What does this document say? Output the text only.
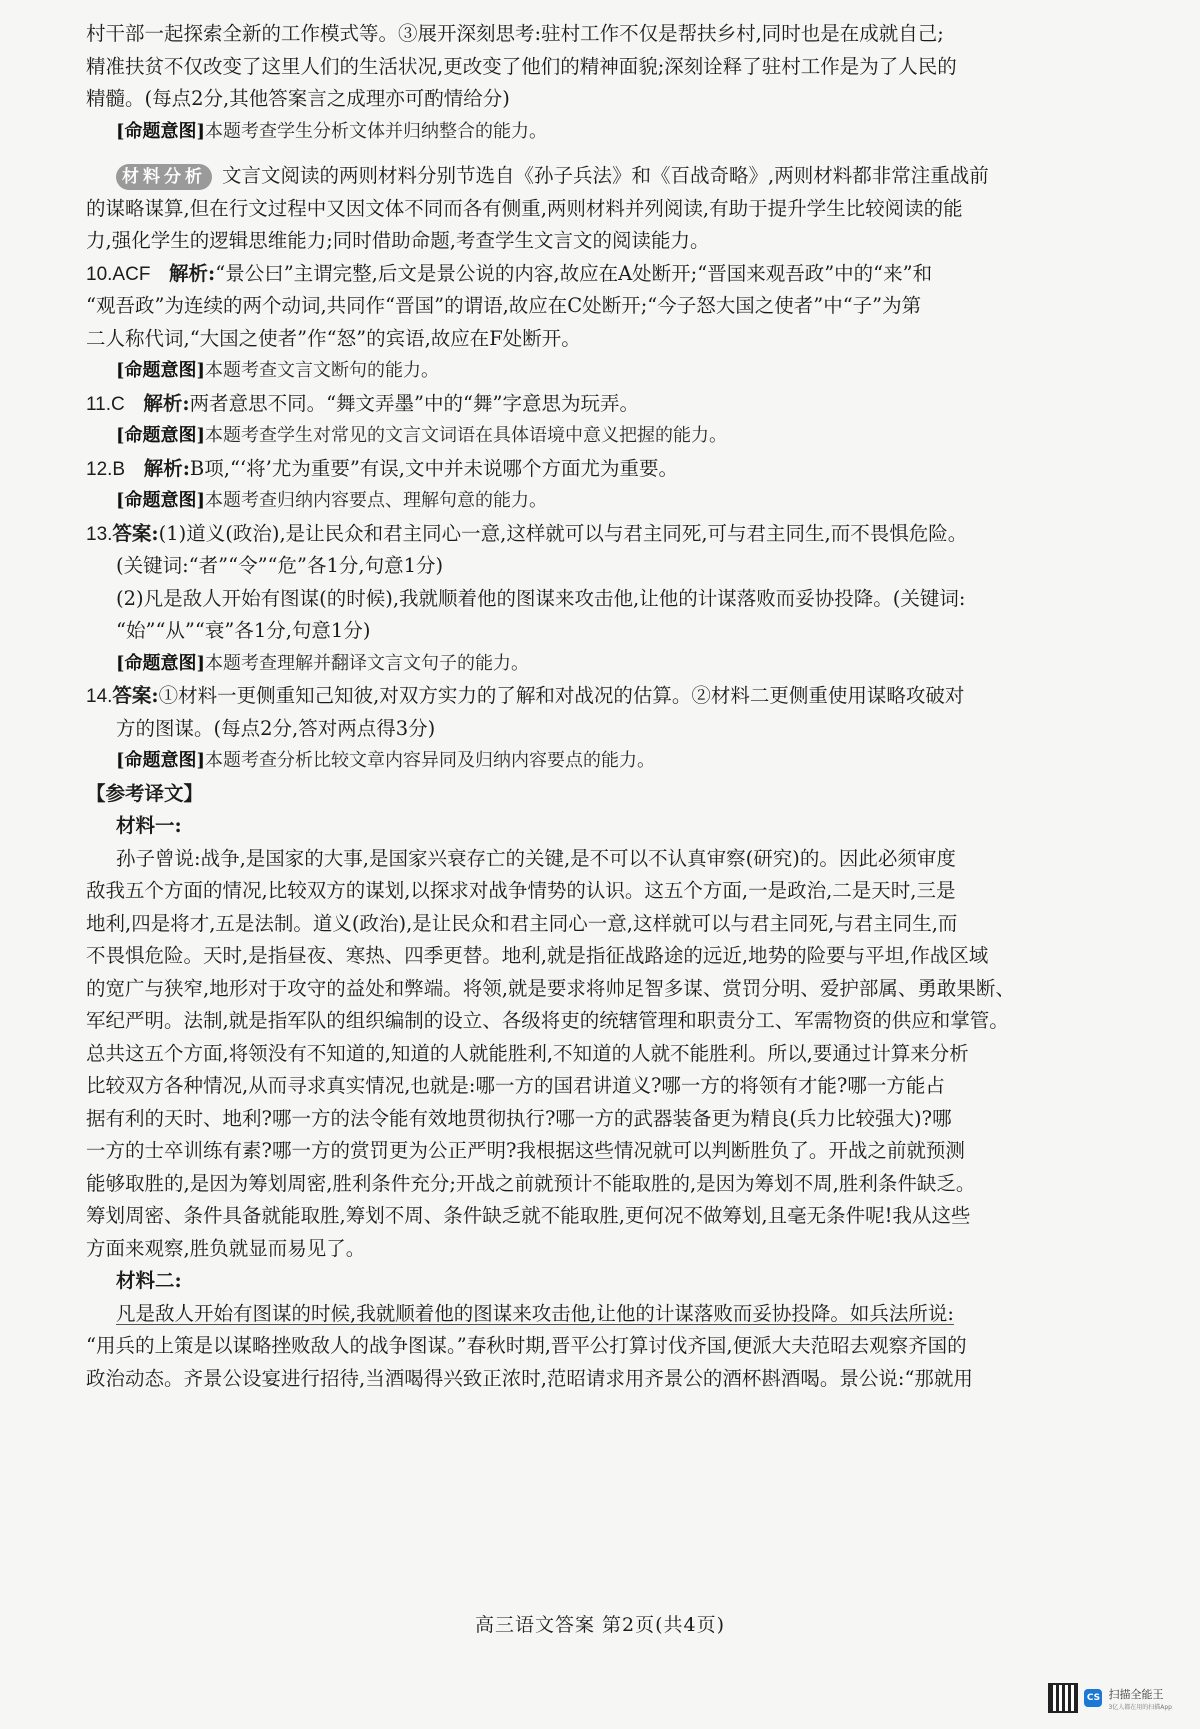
村干部一起探索全新的工作模式等。③展开深刻思考:驻村工作不仅是帮扶乡村,同时也是在成就自己;
精准扶贫不仅改变了这里人们的生活状况,更改变了他们的精神面貌;深刻诠释了驻村工作是为了人民的
精髓。(每点2分,其他答案言之成理亦可酌情给分)
[命题意图]本题考查学生分析文体并归纳整合的能力。
材料分析 文言文阅读的两则材料分别节选自《孙子兵法》和《百战奇略》,两则材料都非常注重战前
的谋略谋算,但在行文过程中又因文体不同而各有侧重,两则材料并列阅读,有助于提升学生比较阅读的能
力,强化学生的逻辑思维能力;同时借助命题,考查学生文言文的阅读能力。
10.ACF 解析:“景公曰”主谓完整,后文是景公说的内容,故应在A处断开;“晋国来观吾政”中的“来”和
“观吾政”为连续的两个动词,共同作“晋国”的谓语,故应在C处断开;“今子怒大国之使者”中“子”为第
二人称代词,“大国之使者”作“怒”的宾语,故应在F处断开。
[命题意图]本题考查文言文断句的能力。
11.C 解析:两者意思不同。“舞文弄墨”中的“舞”字意思为玩弄。
[命题意图]本题考查学生对常见的文言文词语在具体语境中意义把握的能力。
12.B 解析:B项,“‘将’尤为重要”有误,文中并未说哪个方面尤为重要。
[命题意图]本题考查归纳内容要点、理解句意的能力。
13.答案:(1)道义(政治),是让民众和君主同心一意,这样就可以与君主同死,可与君主同生,而不畏惧危险。
(关键词:“者”“令”“危”各1分,句意1分)
(2)凡是敌人开始有图谋(的时候),我就顺着他的图谋来攻击他,让他的计谋落败而妥协投降。(关键词:
“始”“从”“衰”各1分,句意1分)
[命题意图]本题考查理解并翻译文言文句子的能力。
14.答案:①材料一更侧重知己知彼,对双方实力的了解和对战况的估算。②材料二更侧重使用谋略攻破对
方的图谋。(每点2分,答对两点得3分)
[命题意图]本题考查分析比较文章内容异同及归纳内容要点的能力。
【参考译文】
材料一:
孙子曾说:战争,是国家的大事,是国家兴衰存亡的关键,是不可以不认真审察(研究)的。因此必须审度
敌我五个方面的情况,比较双方的谋划,以探求对战争情势的认识。这五个方面,一是政治,二是天时,三是
地利,四是将才,五是法制。道义(政治),是让民众和君主同心一意,这样就可以与君主同死,与君主同生,而
不畏惧危险。天时,是指昼夜、寒热、四季更替。地利,就是指征战路途的远近,地势的险要与平坦,作战区域
的宽广与狭窄,地形对于攻守的益处和弊端。将领,就是要求将帅足智多谋、赏罚分明、爱护部属、勇敢果断、
军纪严明。法制,就是指军队的组织编制的设立、各级将吏的统辖管理和职责分工、军需物资的供应和掌管。
总共这五个方面,将领没有不知道的,知道的人就能胜利,不知道的人就不能胜利。所以,要通过计算来分析
比较双方各种情况,从而寻求真实情况,也就是:哪一方的国君讲道义?哪一方的将领有才能?哪一方能占
据有利的天时、地利?哪一方的法令能有效地贯彻执行?哪一方的武器装备更为精良(兵力比较强大)?哪
一方的士卒训练有素?哪一方的赏罚更为公正严明?我根据这些情况就可以判断胜负了。开战之前就预测
能够取胜的,是因为筹划周密,胜利条件充分;开战之前就预计不能取胜的,是因为筹划不周,胜利条件缺乏。
筹划周密、条件具备就能取胜,筹划不周、条件缺乏就不能取胜,更何况不做筹划,且毫无条件呢!我从这些
方面来观察,胜负就显而易见了。
材料二:
凡是敌人开始有图谋的时候,我就顺着他的图谋来攻击他,让他的计谋落败而妥协投降。如兵法所说:
“用兵的上策是以谋略挫败敌人的战争图谋。”春秋时期,晋平公打算讨伐齐国,便派大夫范昭去观察齐国的
政治动态。齐景公设宴进行招待,当酒喝得兴致正浓时,范昭请求用齐景公的酒杯斟酒喝。景公说:“那就用
高三语文答案 第2页(共4页)
CS 扫描全能王
3亿人都在用的扫描App
